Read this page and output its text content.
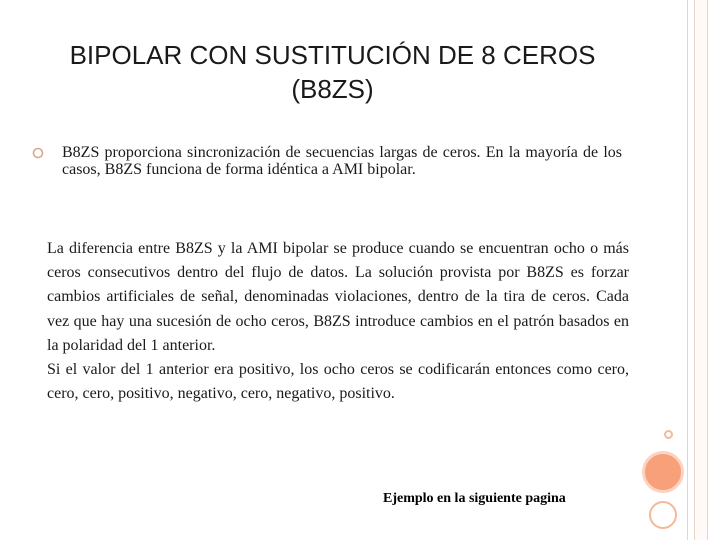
BIPOLAR CON SUSTITUCIÓN DE 8 CEROS (B8ZS)
B8ZS proporciona sincronización de secuencias largas de ceros. En la mayoría de los casos, B8ZS funciona de forma idéntica a AMI bipolar.

La diferencia entre B8ZS y la AMI bipolar se produce cuando se encuentran ocho o más ceros consecutivos dentro del flujo de datos. La solución provista por B8ZS es forzar cambios artificiales de señal, denominadas violaciones, dentro de la tira de ceros. Cada vez que hay una sucesión de ocho ceros, B8ZS introduce cambios en el patrón basados en la polaridad del 1 anterior.

Si el valor del 1 anterior era positivo, los ocho ceros se codificarán entonces como cero, cero, cero, positivo, negativo, cero, negativo, positivo.

Ejemplo en la siguiente pagina
